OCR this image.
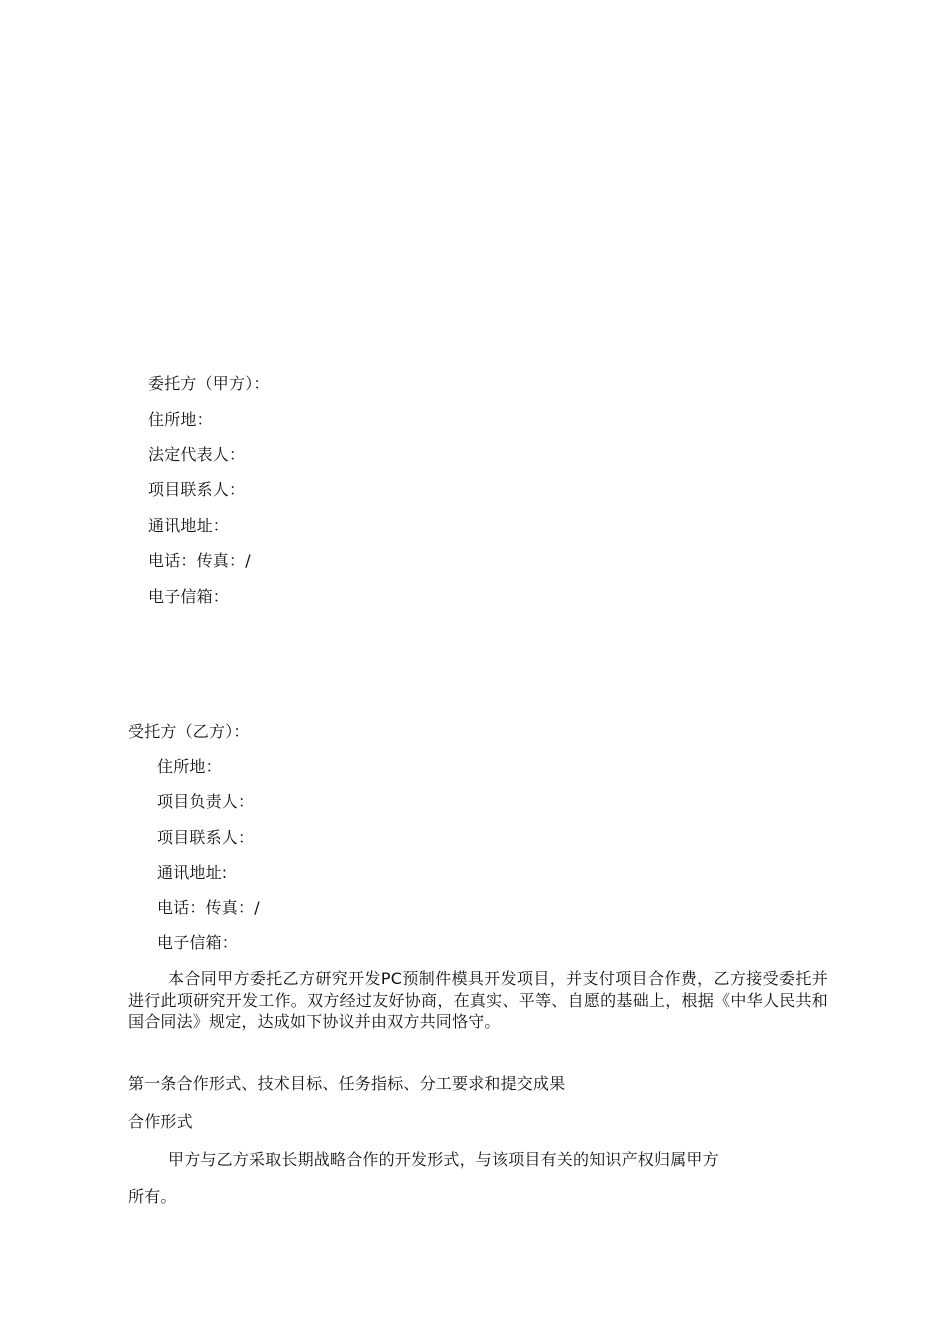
委托方（甲方）：
住所地：
法定代表人：
项目联系人：
通讯地址：
电话：传真：/
电子信箱：
受托方（乙方）：
住所地：
项目负责人：
项目联系人：
通讯地址:
电话：传真：/
电子信箱：
本合同甲方委托乙方研究开发PC预制件模具开发项目，并支付项目合作费，乙方接受委托并进行此项研究开发工作。双方经过友好协商，在真实、平等、自愿的基础上，根据《中华人民共和国合同法》规定，达成如下协议并由双方共同恪守。
第一条合作形式、技术目标、任务指标、分工要求和提交成果
合作形式
甲方与乙方采取长期战略合作的开发形式，与该项目有关的知识产权归属甲方
所有。
